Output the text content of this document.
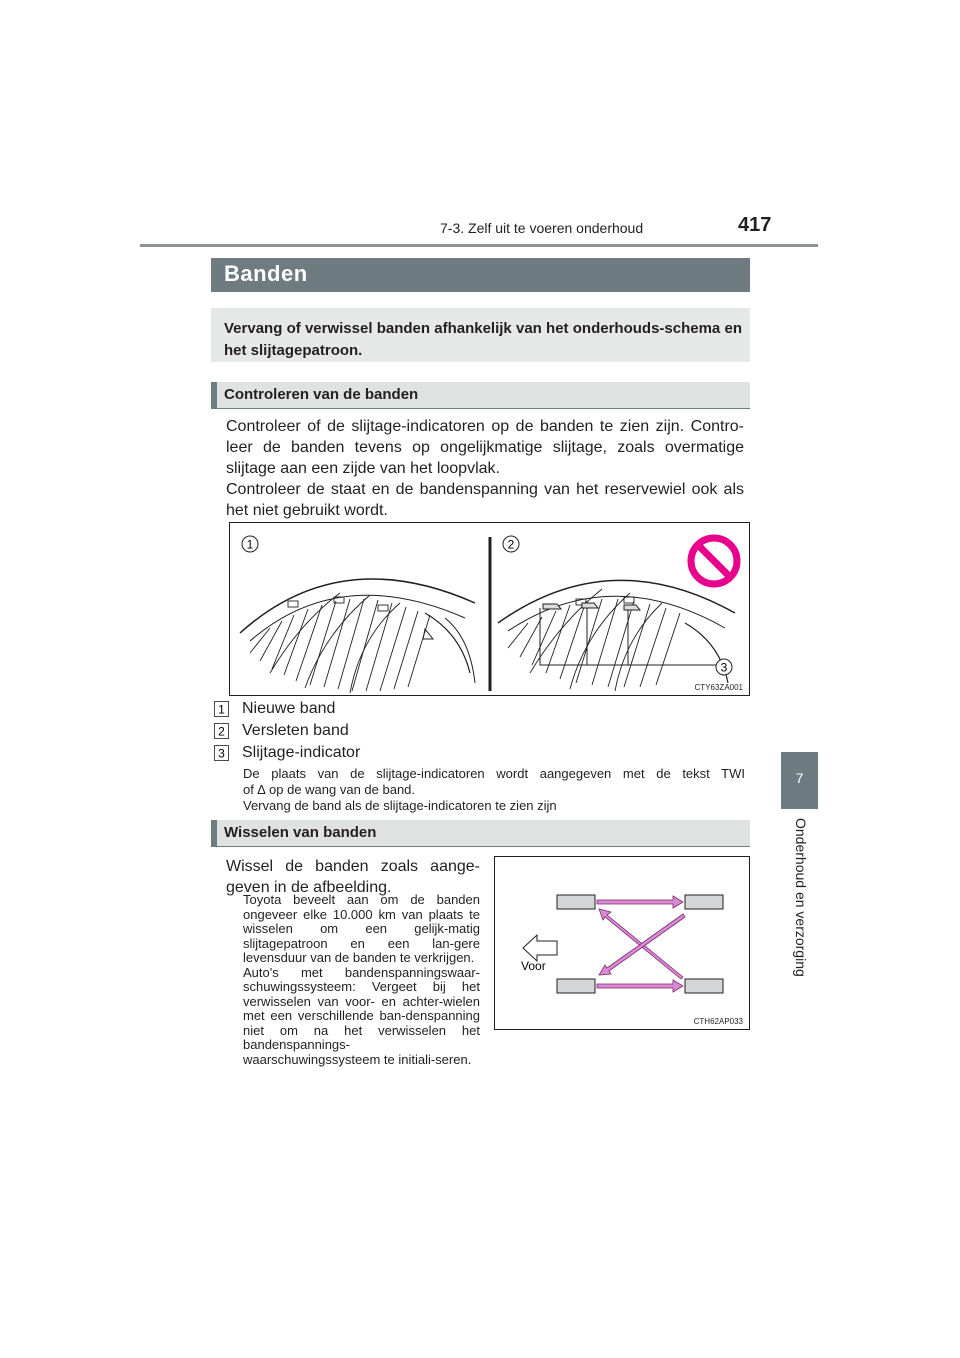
7-3. Zelf uit te voeren onderhoud	417
Banden

Vervang of verwissel banden afhankelijk van het onderhouds-schema en het slijtagepatroon.

Controleren van de banden

Controleer of de slijtage-indicatoren op de banden te zien zijn. Contro-leer de banden tevens op ongelijkmatige slijtage, zoals overmatige slijtage aan een zijde van het loopvlak.

Controleer de staat en de bandenspanning van het reservewiel ook als het niet gebruikt wordt.

1	2
3
CTY63ZA001
1 Nieuwe band
2 Versleten band
3 Slijtage-indicator

De plaats van de slijtage-indicatoren wordt aangegeven met de tekst TWI

of ∆ op de wang van de band.

Vervang de band als de slijtage-indicatoren te zien zijn

Wisselen van banden

Wissel de banden zoals aange-geven in de afbeelding.

Toyota beveelt aan om de banden ongeveer elke 10.000 km van plaats te wisselen om een gelijk-matig slijtagepatroon en een lan-gere levensduur van de banden te verkrijgen.

Auto's met bandenspanningswaar-schuwingssysteem: Vergeet bij het verwisselen van voor- en achter-wielen met een verschillende ban-denspanning niet om na het verwisselen het bandenspannings-waarschuwingssysteem te initiali-seren.

Voor
CTH62AP033
7
Onderhoud en verzorging
